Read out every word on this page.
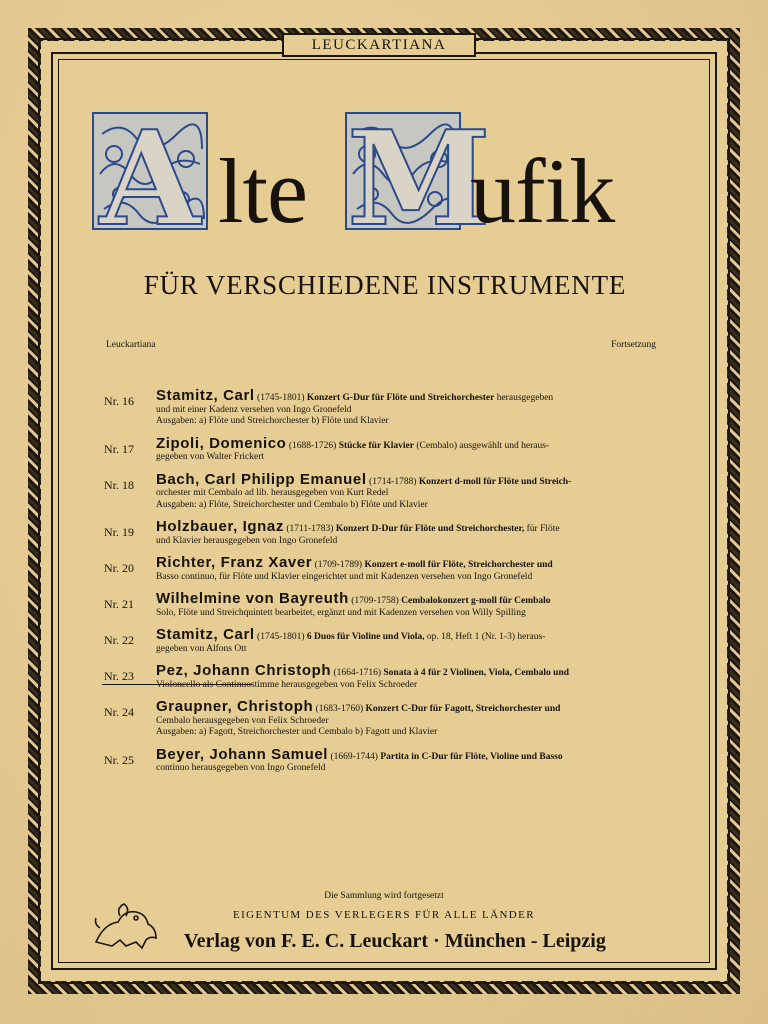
LEUCKARTIANA
A lte M
ufik
FÜR VERSCHIEDENE INSTRUMENTE
Leuckartiana	Fortsetzung
Nr. 16	Stamitz, Carl (1745-1801) Konzert G-Dur für Flöte und Streichorchester herausgegeben
und mit einer Kadenz versehen von Ingo Gronefeld
Ausgaben: a) Flöte und Streichorchester b) Flöte und Klavier
Nr. 17	Zipoli, Domenico (1688-1726) Stücke für Klavier (Cembalo) ausgewählt und heraus-
gegeben von Walter Frickert
Nr. 18	Bach, Carl Philipp Emanuel (1714-1788) Konzert d-moll für Flöte und Streich-
orchester mit Cembalo ad lib. herausgegeben von Kurt Redel
Ausgaben: a) Flöte, Streichorchester und Cembalo b) Flöte und Klavier
Nr. 19	Holzbauer, Ignaz (1711-1783) Konzert D-Dur für Flöte und Streichorchester, für Flöte
und Klavier herausgegeben von Ingo Gronefeld
Nr. 20	Richter, Franz Xaver (1709-1789) Konzert e-moll für Flöte, Streichorchester und
Basso continuo, für Flöte und Klavier eingerichtet und mit Kadenzen versehen von Ingo Gronefeld
Nr. 21	Wilhelmine von Bayreuth (1709-1758) Cembalokonzert g-moll für Cembalo
Solo, Flöte und Streichquintett bearbeitet, ergänzt und mit Kadenzen versehen von Willy Spilling
Nr. 22	Stamitz, Carl (1745-1801) 6 Duos für Violine und Viola, op. 18, Heft 1 (Nr. 1-3) heraus-
gegeben von Alfons Ott
Nr. 23	Pez, Johann Christoph (1664-1716) Sonata à 4 für 2 Violinen, Viola, Cembalo und
Violoncello als Continuostimme herausgegeben von Felix Schroeder
Nr. 24	Graupner, Christoph (1683-1760) Konzert C-Dur für Fagott, Streichorchester und
Cembalo herausgegeben von Felix Schroeder
Ausgaben: a) Fagott, Streichorchester und Cembalo b) Fagott und Klavier
Nr. 25	Beyer, Johann Samuel (1669-1744) Partita in C-Dur für Flöte, Violine und Basso
continuo herausgegeben von Ingo Gronefeld
Die Sammlung wird fortgesetzt
EIGENTUM DES VERLEGERS FÜR ALLE LÄNDER
Verlag von F. E. C. Leuckart · München - Leipzig
